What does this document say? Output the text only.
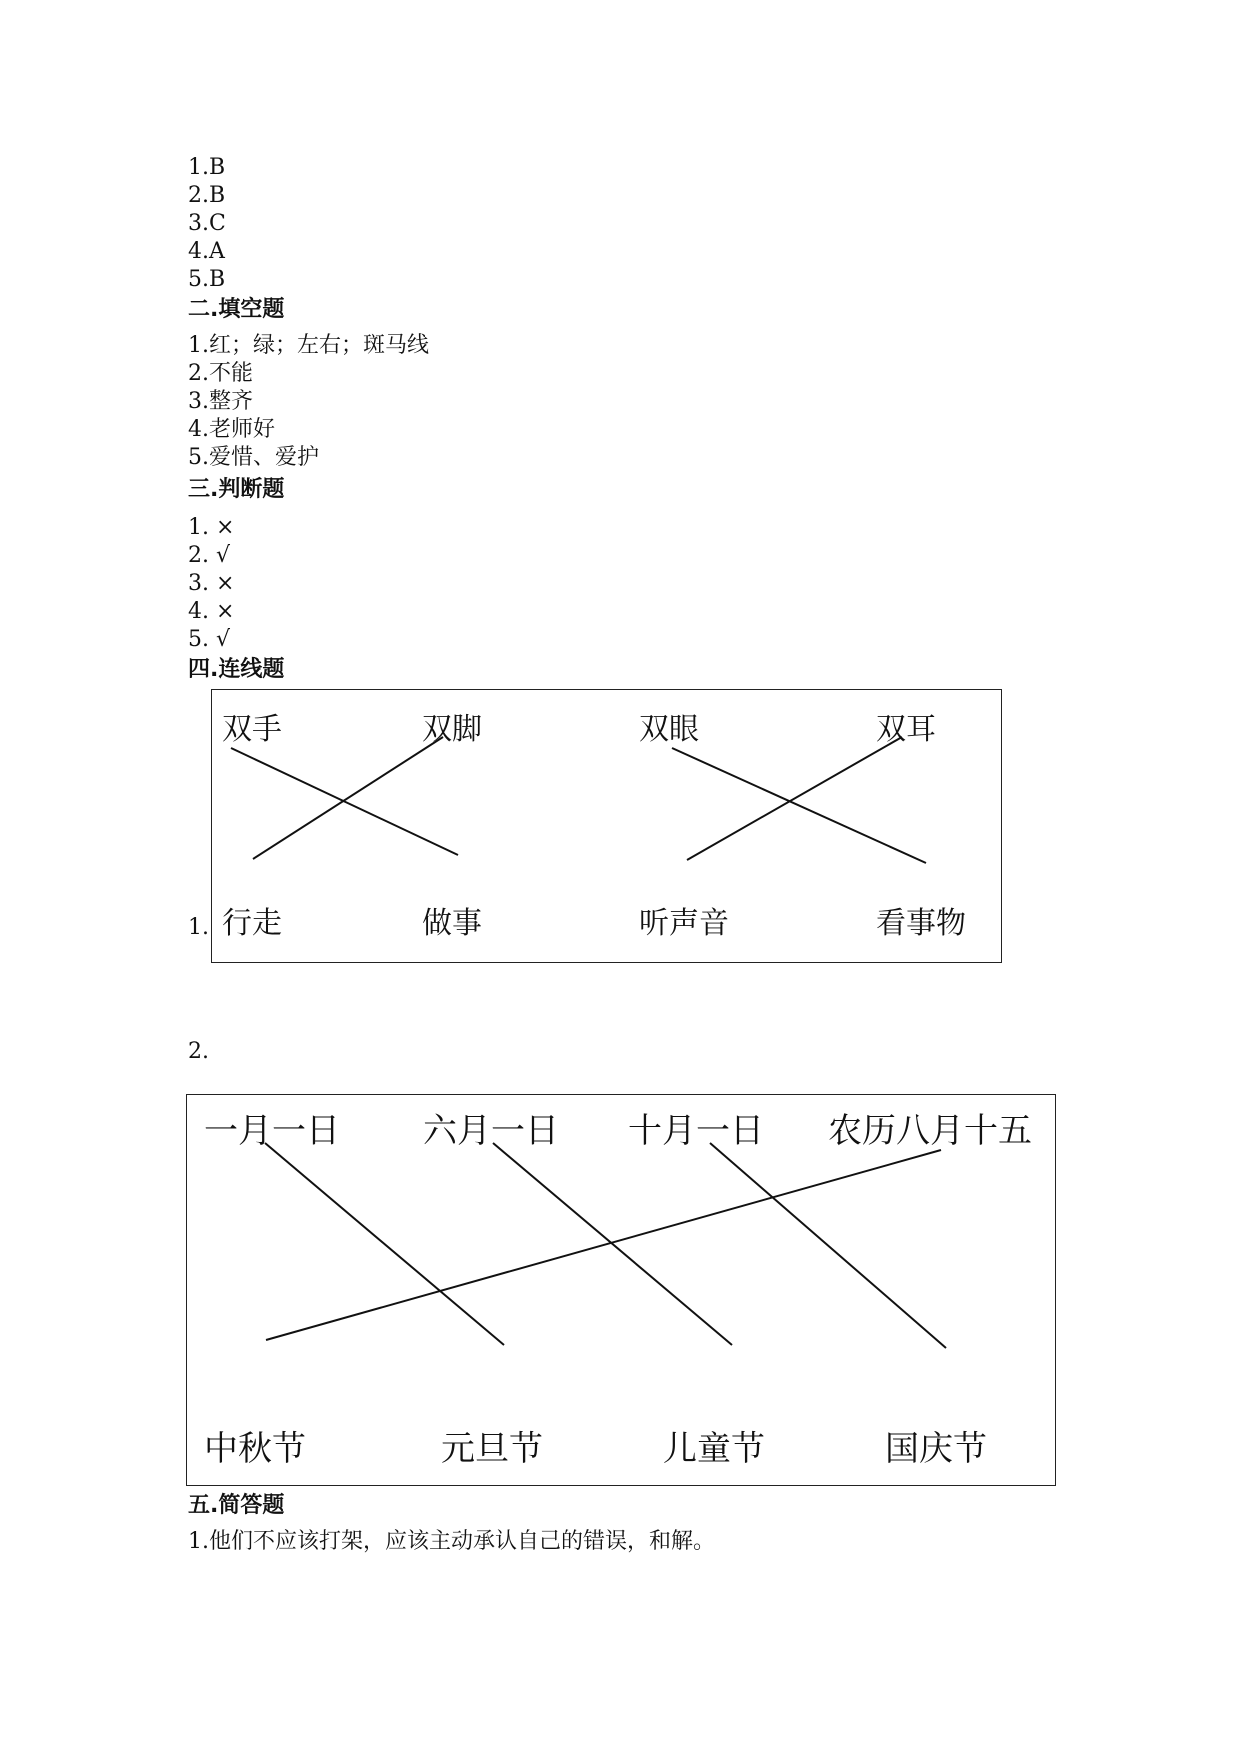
1.B
2.B
3.C
4.A
5.B
二.填空题
1.红；绿；左右；斑马线
2.不能
3.整齐
4.老师好
5.爱惜、爱护
三.判断题
1. ×
2. √
3. ×
4. ×
5. √
四.连线题
1.
双手	双脚	双眼	双耳
行走	做事	听声音	看事物
2.
一月一日 六月一日 十月一日 农历八月十五
中秋节	元旦节	儿童节	国庆节
五.简答题
1.他们不应该打架，应该主动承认自己的错误，和解。
